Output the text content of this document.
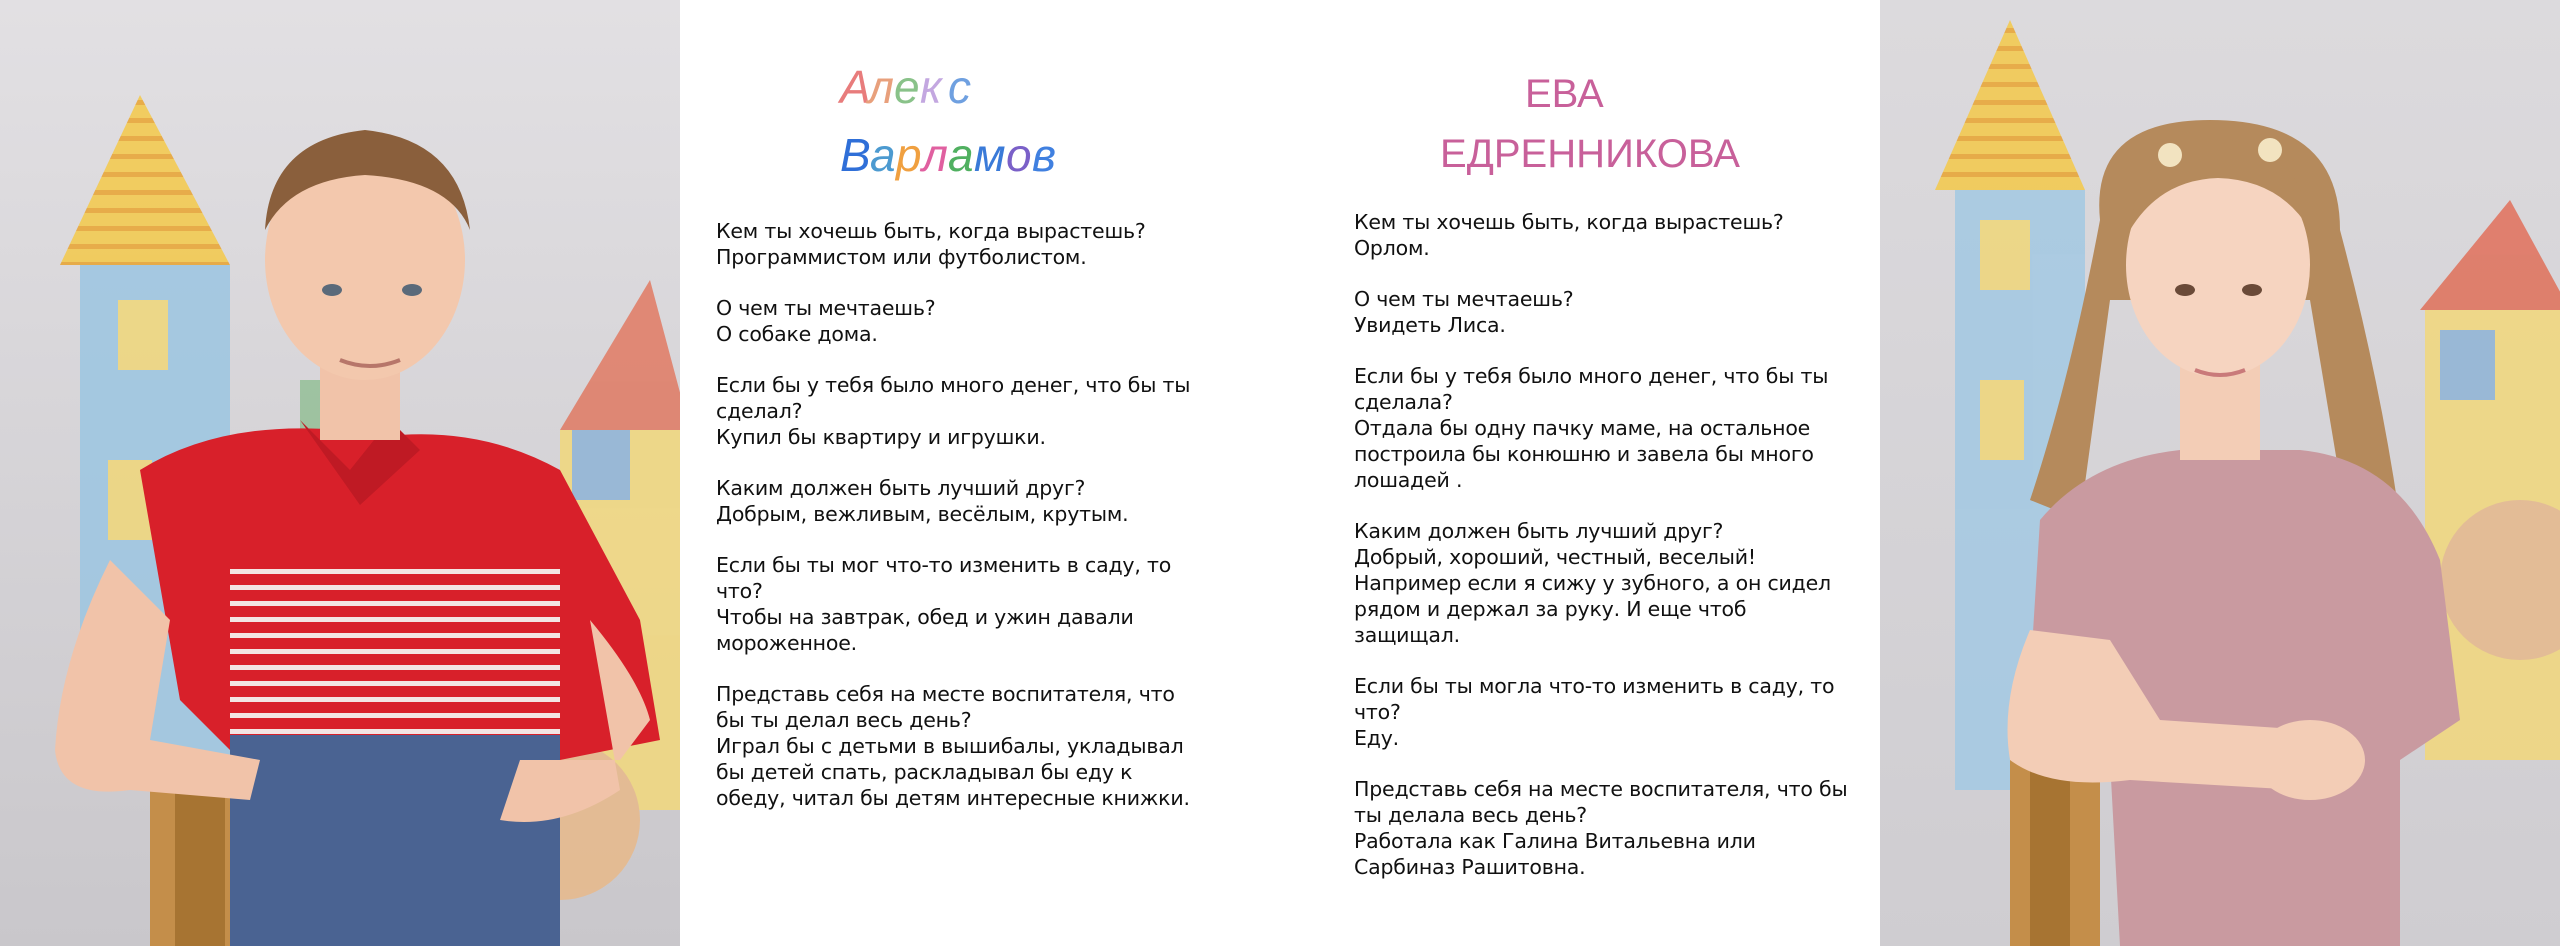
А
л е к с
В а р л а м о в

Кем ты хочешь быть, когда вырастешь?

Программистом или футболистом.

О чем ты мечтаешь?

О собаке дома.

Если бы у тебя было много денег, что бы ты сделал?

Купил бы квартиру и игрушки.

Каким должен быть лучший друг?

Добрым, вежливым, весёлым, крутым.

Если бы ты мог что-то изменить в саду, то что?

Чтобы на завтрак, обед и ужин давали мороженное.

Представь себя на месте воспитателя, что бы ты делал весь день?

Играл бы с детьми в вышибалы, укладывал бы детей спать, раскладывал бы еду к обеду, читал бы детям интересные книжки.

ЕВА
ЕДРЕННИКОВА

Кем ты хочешь быть, когда вырастешь?

Орлом.

О чем ты мечтаешь?

Увидеть Лиса.

Если бы у тебя было много денег, что бы ты сделала?

Отдала бы одну пачку маме, на остальное построила бы конюшню и завела бы много лошадей .

Каким должен быть лучший друг?

Добрый, хороший, честный, веселый! Например если я сижу у зубного, а он сидел рядом и держал за руку. И еще чтоб защищал.

Если бы ты могла что-то изменить в саду, то что?

Еду.

Представь себя на месте воспитателя, что бы ты делала весь день?

Работала как Галина Витальевна или Сарбиназ Рашитовна.
